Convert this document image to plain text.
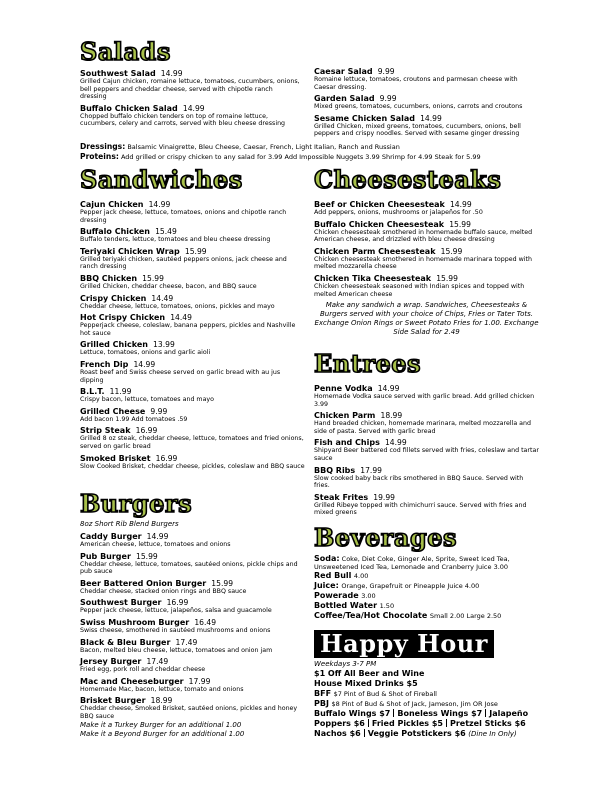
Salads
Southwest Salad 14.99
Grilled Cajun chicken, romaine lettuce, tomatoes, cucumbers, onions, bell peppers and cheddar cheese, served with chipotle ranch dressing
Buffalo Chicken Salad 14.99
Chopped buffalo chicken tenders on top of romaine lettuce, cucumbers, celery and carrots, served with bleu cheese dressing
Caesar Salad 9.99
Romaine lettuce, tomatoes, croutons and parmesan cheese with Caesar dressing.
Garden Salad 9.99
Mixed greens, tomatoes, cucumbers, onions, carrots and croutons
Sesame Chicken Salad 14.99
Grilled Chicken, mixed greens, tomatoes, cucumbers, onions, bell peppers and crispy noodles. Served with sesame ginger dressing
Dressings: Balsamic Vinaigrette, Bleu Cheese, Caesar, French, Light Italian, Ranch and Russian
Proteins: Add grilled or crispy chicken to any salad for 3.99 Add Impossible Nuggets 3.99 Shrimp for 4.99 Steak for 5.99
Sandwiches
Cajun Chicken 14.99
Pepper jack cheese, lettuce, tomatoes, onions and chipotle ranch dressing
Buffalo Chicken 15.49
Buffalo tenders, lettuce, tomatoes and bleu cheese dressing
Teriyaki Chicken Wrap 15.99
Grilled teriyaki chicken, sautéed peppers onions, jack cheese and ranch dressing
BBQ Chicken 15.99
Grilled Chicken, cheddar cheese, bacon, and BBQ sauce
Crispy Chicken 14.49
Cheddar cheese, lettuce, tomatoes, onions, pickles and mayo
Hot Crispy Chicken 14.49
Pepperjack cheese, coleslaw, banana peppers, pickles and Nashville hot sauce
Grilled Chicken 13.99
Lettuce, tomatoes, onions and garlic aioli
French Dip 14.99
Roast beef and Swiss cheese served on garlic bread with au jus dipping
B.L.T. 11.99
Crispy bacon, lettuce, tomatoes and mayo
Grilled Cheese 9.99
Add bacon 1.99 Add tomatoes .59
Strip Steak 16.99
Grilled 8 oz steak, cheddar cheese, lettuce, tomatoes and fried onions, served on garlic bread
Smoked Brisket 16.99
Slow Cooked Brisket, cheddar cheese, pickles, coleslaw and BBQ sauce
Burgers
8oz Short Rib Blend Burgers
Caddy Burger 14.99
American cheese, lettuce, tomatoes and onions
Pub Burger 15.99
Cheddar cheese, lettuce, tomatoes, sautéed onions, pickle chips and pub sauce
Beer Battered Onion Burger 15.99
Cheddar cheese, stacked onion rings and BBQ sauce
Southwest Burger 16.99
Pepper jack cheese, lettuce, jalapeños, salsa and guacamole
Swiss Mushroom Burger 16.49
Swiss cheese, smothered in sautéed mushrooms and onions
Black & Bleu Burger 17.49
Bacon, melted bleu cheese, lettuce, tomatoes and onion jam
Jersey Burger 17.49
Fried egg, pork roll and cheddar cheese
Mac and Cheeseburger 17.99
Homemade Mac, bacon, lettuce, tomato and onions
Brisket Burger 18.99
Cheddar cheese, Smoked Brisket, sautéed onions, pickles and honey BBQ sauce
Make it a Turkey Burger for an additional 1.00
Make it a Beyond Burger for an additional 1.00
Cheesesteaks
Beef or Chicken Cheesesteak 14.99
Add peppers, onions, mushrooms or jalapeños for .50
Buffalo Chicken Cheesesteak 15.99
Chicken cheesesteak smothered in homemade buffalo sauce, melted American cheese, and drizzled with bleu cheese dressing
Chicken Parm Cheesesteak 15.99
Chicken cheesesteak smothered in homemade marinara topped with melted mozzarella cheese
Chicken Tika Cheesesteak 15.99
Chicken cheesesteak seasoned with Indian spices and topped with melted American cheese
Make any sandwich a wrap. Sandwiches, Cheesesteaks & Burgers served with your choice of Chips, Fries or Tater Tots. Exchange Onion Rings or Sweet Potato Fries for 1.00. Exchange Side Salad for 2.49
Entrees
Penne Vodka 14.99
Homemade Vodka sauce served with garlic bread. Add grilled chicken 3.99
Chicken Parm 18.99
Hand breaded chicken, homemade marinara, melted mozzarella and side of pasta. Served with garlic bread
Fish and Chips 14.99
Shipyard Beer battered cod fillets served with fries, coleslaw and tartar sauce
BBQ Ribs 17.99
Slow cooked baby back ribs smothered in BBQ Sauce. Served with fries.
Steak Frites 19.99
Grilled Ribeye topped with chimichurri sauce. Served with fries and mixed greens
Beverages
Soda: Coke, Diet Coke, Ginger Ale, Sprite, Sweet Iced Tea, Unsweetened Iced Tea, Lemonade and Cranberry Juice 3.00
Red Bull 4.00
Juice: Orange, Grapefruit or Pineapple Juice 4.00
Powerade 3.00
Bottled Water 1.50
Coffee/Tea/Hot Chocolate Small 2.00 Large 2.50
Happy Hour
Weekdays 3-7 PM
$1 Off All Beer and Wine
House Mixed Drinks $5
BFF $7 Pint of Bud & Shot of Fireball
PBJ $8 Pint of Bud & Shot of Jack, Jameson, Jim OR Jose
Buffalo Wings $7 Boneless Wings $7 Jalapeño
Poppers $6 Fried Pickles $5 Pretzel Sticks $6
Nachos $6 Veggie Potstickers $6 (Dine In Only)
